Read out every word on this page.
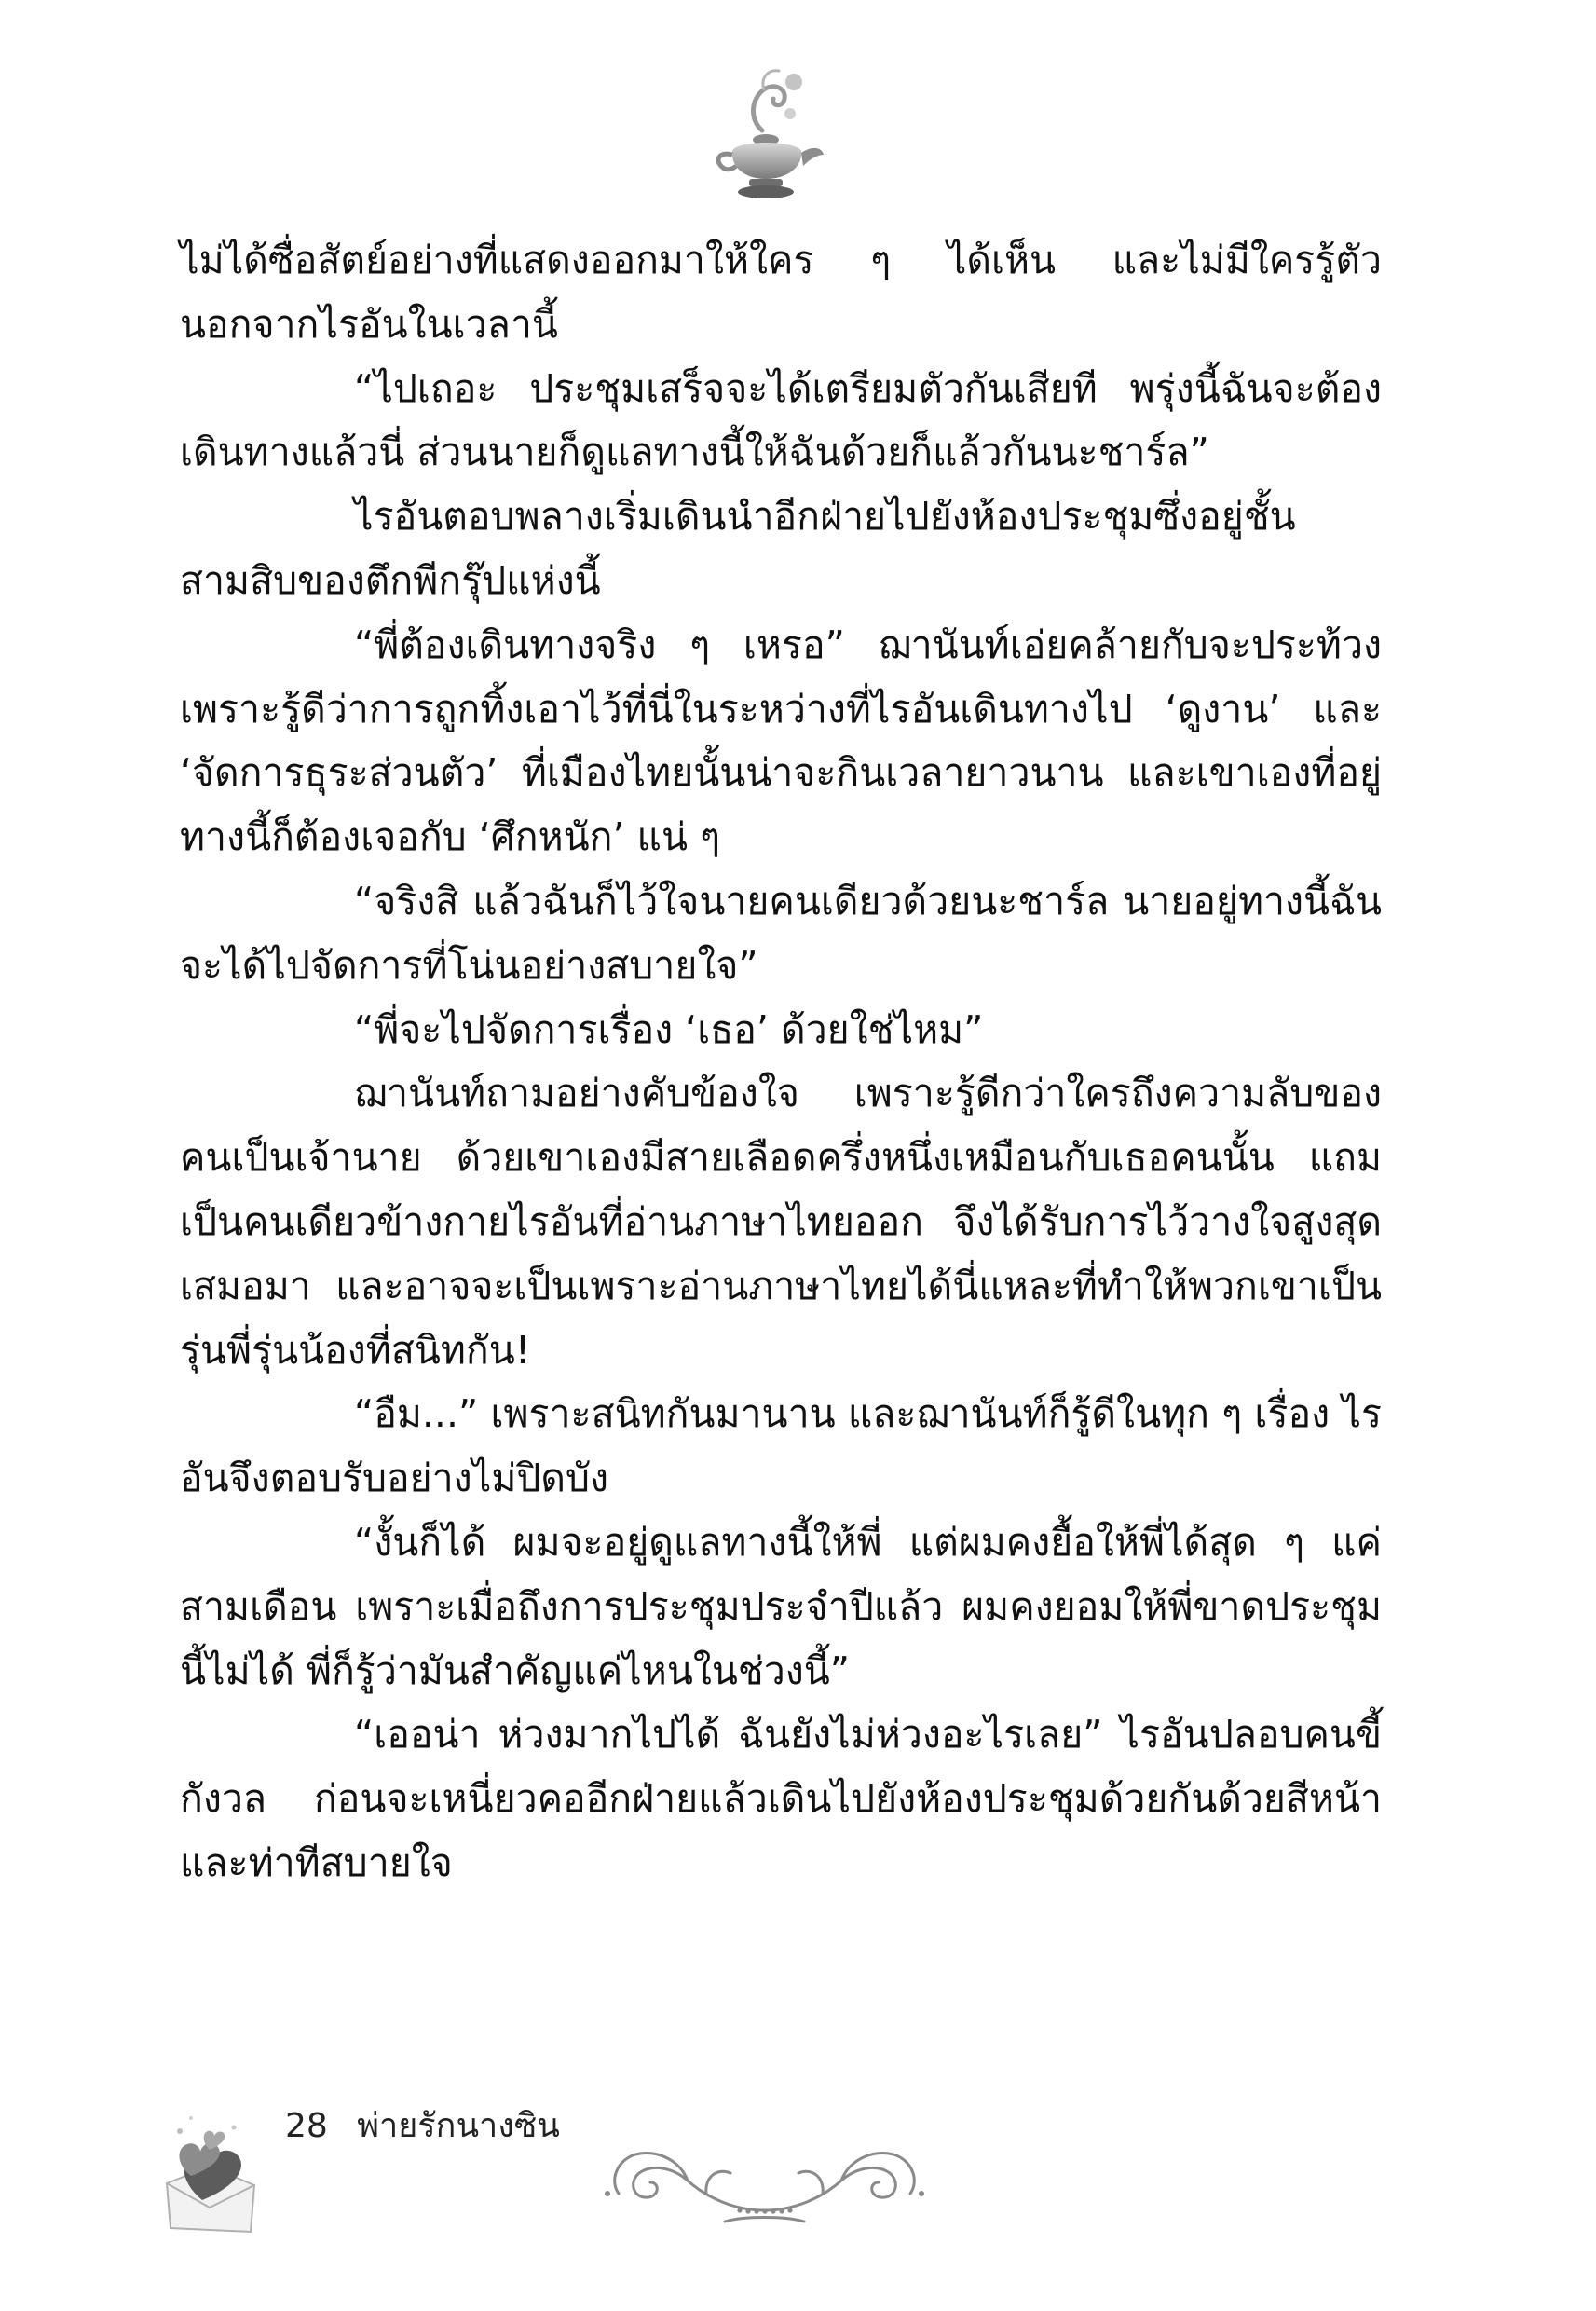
ไม่ได้ซื่อสัตย์อย่างที่แสดงออกมาให้ใคร ๆ ได้เห็น และไม่มีใครรู้ตัวนอกจากไรอันในเวลานี้

“ไปเถอะ ประชุมเสร็จจะได้เตรียมตัวกันเสียที พรุ่งนี้ฉันจะต้องเดินทางแล้วนี่ ส่วนนายก็ดูแลทางนี้ให้ฉันด้วยก็แล้วกันนะชาร์ล”

ไรอันตอบพลางเริ่มเดินนำอีกฝ่ายไปยังห้องประชุมซึ่งอยู่ชั้นสามสิบของตึกพีกรุ๊ปแห่งนี้

“พี่ต้องเดินทางจริง ๆ เหรอ” ฌานันท์เอ่ยคล้ายกับจะประท้วงเพราะรู้ดีว่าการถูกทิ้งเอาไว้ที่นี่ในระหว่างที่ไรอันเดินทางไป ‘ดูงาน’ และ ‘จัดการธุระส่วนตัว’ ที่เมืองไทยนั้นน่าจะกินเวลายาวนาน และเขาเองที่อยู่ทางนี้ก็ต้องเจอกับ ‘ศึกหนัก’ แน่ ๆ

“จริงสิ แล้วฉันก็ไว้ใจนายคนเดียวด้วยนะชาร์ล นายอยู่ทางนี้ฉันจะได้ไปจัดการที่โน่นอย่างสบายใจ”

“พี่จะไปจัดการเรื่อง ‘เธอ’ ด้วยใช่ไหม”

ฌานันท์ถามอย่างคับข้องใจ เพราะรู้ดีกว่าใครถึงความลับของคนเป็นเจ้านาย ด้วยเขาเองมีสายเลือดครึ่งหนึ่งเหมือนกับเธอคนนั้น แถมเป็นคนเดียวข้างกายไรอันที่อ่านภาษาไทยออก จึงได้รับการไว้วางใจสูงสุดเสมอมา และอาจจะเป็นเพราะอ่านภาษาไทยได้นี่แหละที่ทำให้พวกเขาเป็นรุ่นพี่รุ่นน้องที่สนิทกัน!

“อืม...” เพราะสนิทกันมานาน และฌานันท์ก็รู้ดีในทุก ๆ เรื่อง ไรอันจึงตอบรับอย่างไม่ปิดบัง

“งั้นก็ได้ ผมจะอยู่ดูแลทางนี้ให้พี่ แต่ผมคงยื้อให้พี่ได้สุด ๆ แค่สามเดือน เพราะเมื่อถึงการประชุมประจำปีแล้ว ผมคงยอมให้พี่ขาดประชุมนี้ไม่ได้ พี่ก็รู้ว่ามันสำคัญแค่ไหนในช่วงนี้”

“เออน่า ห่วงมากไปได้ ฉันยังไม่ห่วงอะไรเลย” ไรอันปลอบคนขี้กังวล ก่อนจะเหนี่ยวคออีกฝ่ายแล้วเดินไปยังห้องประชุมด้วยกันด้วยสีหน้าและท่าทีสบายใจ

28 พ่ายรักนางซิน
